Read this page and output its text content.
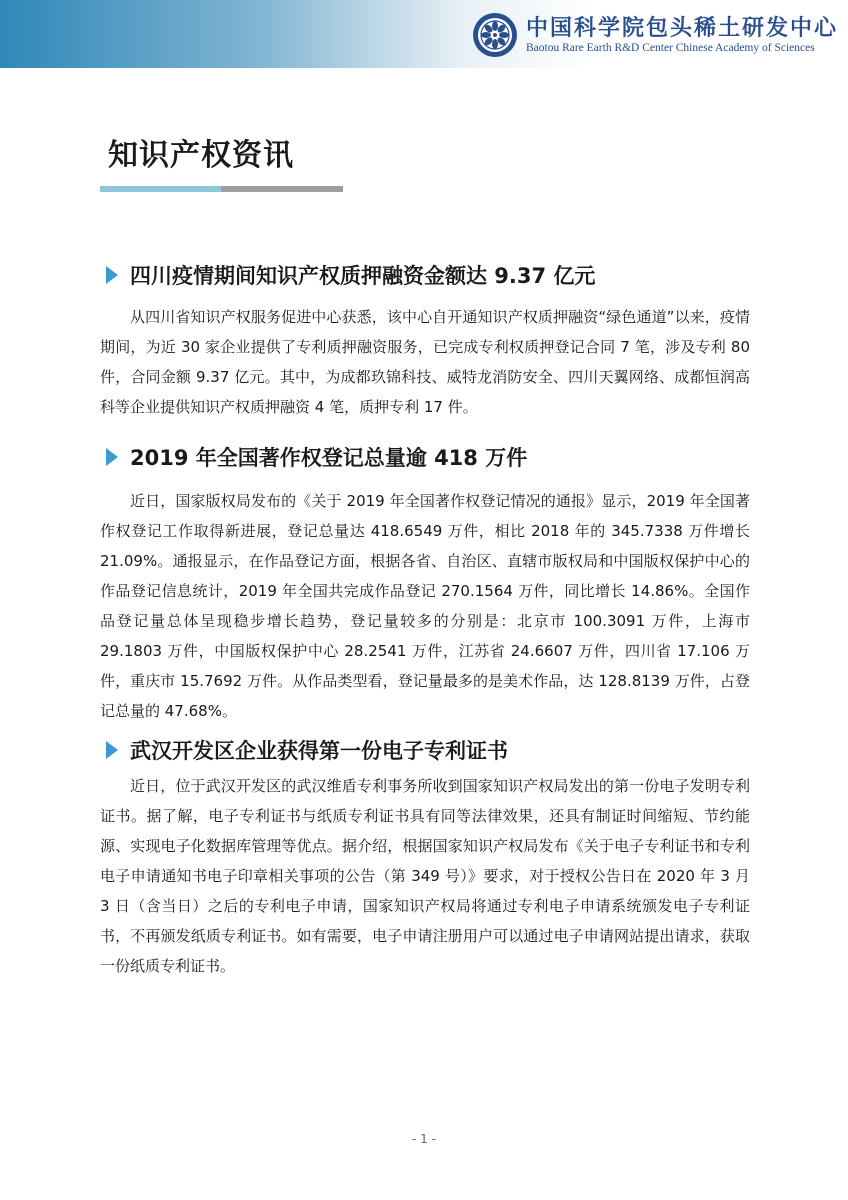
中国科学院包头稀土研发中心
Baotou Rare Earth R&D Center Chinese Academy of Sciences
知识产权资讯
四川疫情期间知识产权质押融资金额达 9.37 亿元

从四川省知识产权服务促进中心获悉，该中心自开通知识产权质押融资“绿色通道”以来，疫情期间，为近 30 家企业提供了专利质押融资服务，已完成专利权质押登记合同 7 笔，涉及专利 80 件，合同金额 9.37 亿元。其中，为成都玖锦科技、威特龙消防安全、四川天翼网络、成都恒润高科等企业提供知识产权质押融资 4 笔，质押专利 17 件。

2019 年全国著作权登记总量逾 418 万件

近日，国家版权局发布的《关于 2019 年全国著作权登记情况的通报》显示，2019 年全国著作权登记工作取得新进展，登记总量达 418.6549 万件，相比 2018 年的 345.7338 万件增长 21.09%。通报显示，在作品登记方面，根据各省、自治区、直辖市版权局和中国版权保护中心的作品登记信息统计，2019 年全国共完成作品登记 270.1564 万件，同比增长 14.86%。全国作品登记量总体呈现稳步增长趋势，登记量较多的分别是：北京市 100.3091 万件，上海市 29.1803 万件，中国版权保护中心 28.2541 万件，江苏省 24.6607 万件，四川省 17.106 万件，重庆市 15.7692 万件。从作品类型看，登记量最多的是美术作品，达 128.8139 万件，占登记总量的 47.68%。

武汉开发区企业获得第一份电子专利证书

近日，位于武汉开发区的武汉维盾专利事务所收到国家知识产权局发出的第一份电子发明专利证书。据了解，电子专利证书与纸质专利证书具有同等法律效果，还具有制证时间缩短、节约能源、实现电子化数据库管理等优点。据介绍，根据国家知识产权局发布《关于电子专利证书和专利电子申请通知书电子印章相关事项的公告（第 349 号）》要求，对于授权公告日在 2020 年 3 月 3 日（含当日）之后的专利电子申请，国家知识产权局将通过专利电子申请系统颁发电子专利证书，不再颁发纸质专利证书。如有需要，电子申请注册用户可以通过电子申请网站提出请求，获取一份纸质专利证书。

- 1 -
